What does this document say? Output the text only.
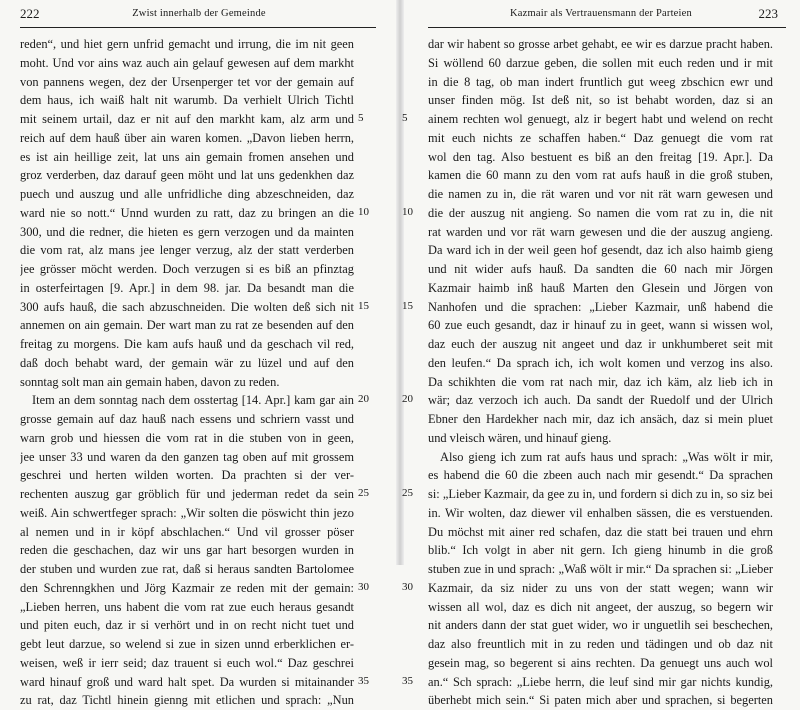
222	Zwist innerhalb der Gemeinde
reden“, und hiet gern unfrid gemacht und irrung, die im nit geen
moht. Und vor ains waz auch ain gelauf gewesen auf dem markht
von pannens wegen, dez der Ursenperger tet vor der gemain auf
dem haus, ich waiß halt nit warumb. Da verhielt Ulrich Tichtl
mit seinem urtail, daz er nit auf den markht kam, alz arm und
reich auf dem hauß über ain waren komen. „Davon lieben herrn,
es ist ain heillige zeit, lat uns ain gemain fromen ansehen und
groz verderben, daz darauf geen möht und lat uns gedenkhen daz
puech und auszug und alle unfridliche ding abzeschneiden, daz
ward nie so nott.“ Unnd wurden zu ratt, daz zu bringen an die
300, und die redner, die hieten es gern verzogen und da mainten
die vom rat, alz mans jee lenger verzug, alz der statt verderben
jee grösser möcht werden. Doch verzugen si es biß an pfinztag
in osterfeirtagen [9. Apr.] in dem 98. jar. Da besandt man die
300 aufs hauß, die sach abzuschneiden. Die wolten deß sich nit
annemen on ain gemain. Der wart man zu rat ze besenden auf den
freitag zu morgens. Die kam aufs hauß und da geschach vil red,
daß doch behabt ward, der gemain wär zu lüzel und auf den
sonntag solt man ain gemain haben, davon zu reden.
Item an dem sonntag nach dem osstertag [14. Apr.] kam gar ain
grosse gemain auf daz hauß nach essens und schriern vasst und
warn grob und hiessen die vom rat in die stuben von in geen,
jee unser 33 und waren da den ganzen tag oben auf mit grossem
geschrei und herten wilden worten. Da prachten si der ver-
rechenten auszug gar gröblich für und jederman redet da sein
weiß. Ain schwertfeger sprach: „Wir solten die pöswicht thin jezo
al nemen und in ir köpf abschlachen.“ Und vil grosser pöser
reden die geschachen, daz wir uns gar hart besorgen wurden in
der stuben und wurden zue rat, daß si heraus sandten Bartolomee
den Schrenngkhen und Jörg Kazmair ze reden mit der gemain:
„Lieben herren, uns habent die vom rat zue euch heraus gesandt
und piten euch, daz ir si verhört und in on recht nicht tuet und
gebt leut darzue, so welend si zue in sizen unnd erberklichen er-
weisen, weß ir ierr seid; daz trauent si euch wol.“ Daz geschrei
ward hinauf groß und ward halt spet. Da wurden si mitainander
zu rat, daz Tichtl hinein gienng mit etlichen und sprach: „Nun
5
10
15
20
25
30
35
Kazmair als Vertrauensmann der Parteien	223
dar wir habent so grosse arbet gehabt, ee wir es darzue pracht haben.
Si wöllend 60 darzue geben, die sollen mit euch reden und ir mit
in die 8 tag, ob man indert fruntlich gut weeg zbschicn ewr und
unser finden mög. Ist deß nit, so ist behabt worden, daz si an
ainem rechten wol genuegt, alz ir begert habt und welend on recht
mit euch nichts ze schaffen haben.“ Daz genuegt die vom rat
wol den tag. Also bestuent es biß an den freitag [19. Apr.]. Da
kamen die 60 mann zu den vom rat aufs hauß in die groß stuben,
die namen zu in, die rät waren und vor nit rät warn gewesen und
die der auszug nit angieng. So namen die vom rat zu in, die nit
rat warden und vor rät warn gewesen und die der auszug angieng.
Da ward ich in der weil geen hof gesendt, daz ich also haimb gieng
und nit wider aufs hauß. Da sandten die 60 nach mir Jörgen
Kazmair haimb inß hauß Marten den Glesein und Jörgen von
Nanhofen und die sprachen: „Lieber Kazmair, unß habend die
60 zue euch gesandt, daz ir hinauf zu in geet, wann si wissen wol,
daz euch der auszug nit angeet und daz ir unkhumberet seit mit
den leufen.“ Da sprach ich, ich wolt komen und verzog ins also.
Da schikhten die vom rat nach mir, daz ich käm, alz lieb ich in
wär; daz verzoch ich auch. Da sandt der Ruedolf und der Ulrich
Ebner den Hardekher nach mir, daz ich ansäch, daz si mein pluet
und vleisch wären, und hinauf gieng.
Also gieng ich zum rat aufs haus und sprach: „Was wölt ir mir,
es habend die 60 die zbeen auch nach mir gesendt.“ Da sprachen
si: „Lieber Kazmair, da gee zu in, und fordern si dich zu in, so siz bei
in. Wir wolten, daz diewer vil enhalben sässen, die es verstuenden.
Du möchst mit ainer red schafen, daz die statt bei trauen und ehrn
blib.“ Ich volgt in aber nit gern. Ich gieng hinumb in die groß
stuben zue in und sprach: „Waß wölt ir mir.“ Da sprachen si: „Lieber
Kazmair, da siz nider zu uns von der statt wegen; wann wir
wissen all wol, daz es dich nit angeet, der auszug, so begern wir
nit anders dann der stat guet wider, wo ir unguetlih sei beschechen,
daz also freuntlich mit in zu reden und tädingen und ob daz nit
gesein mag, so begerent si ains rechten. Da genuegt uns auch wol
an.“ Sch sprach: „Liebe herrn, die leuf sind mir gar nichts kundig,
überhebt mich sein.“ Si paten mich aber und sprachen, si begerten
5
10
15
20
25
30
35
